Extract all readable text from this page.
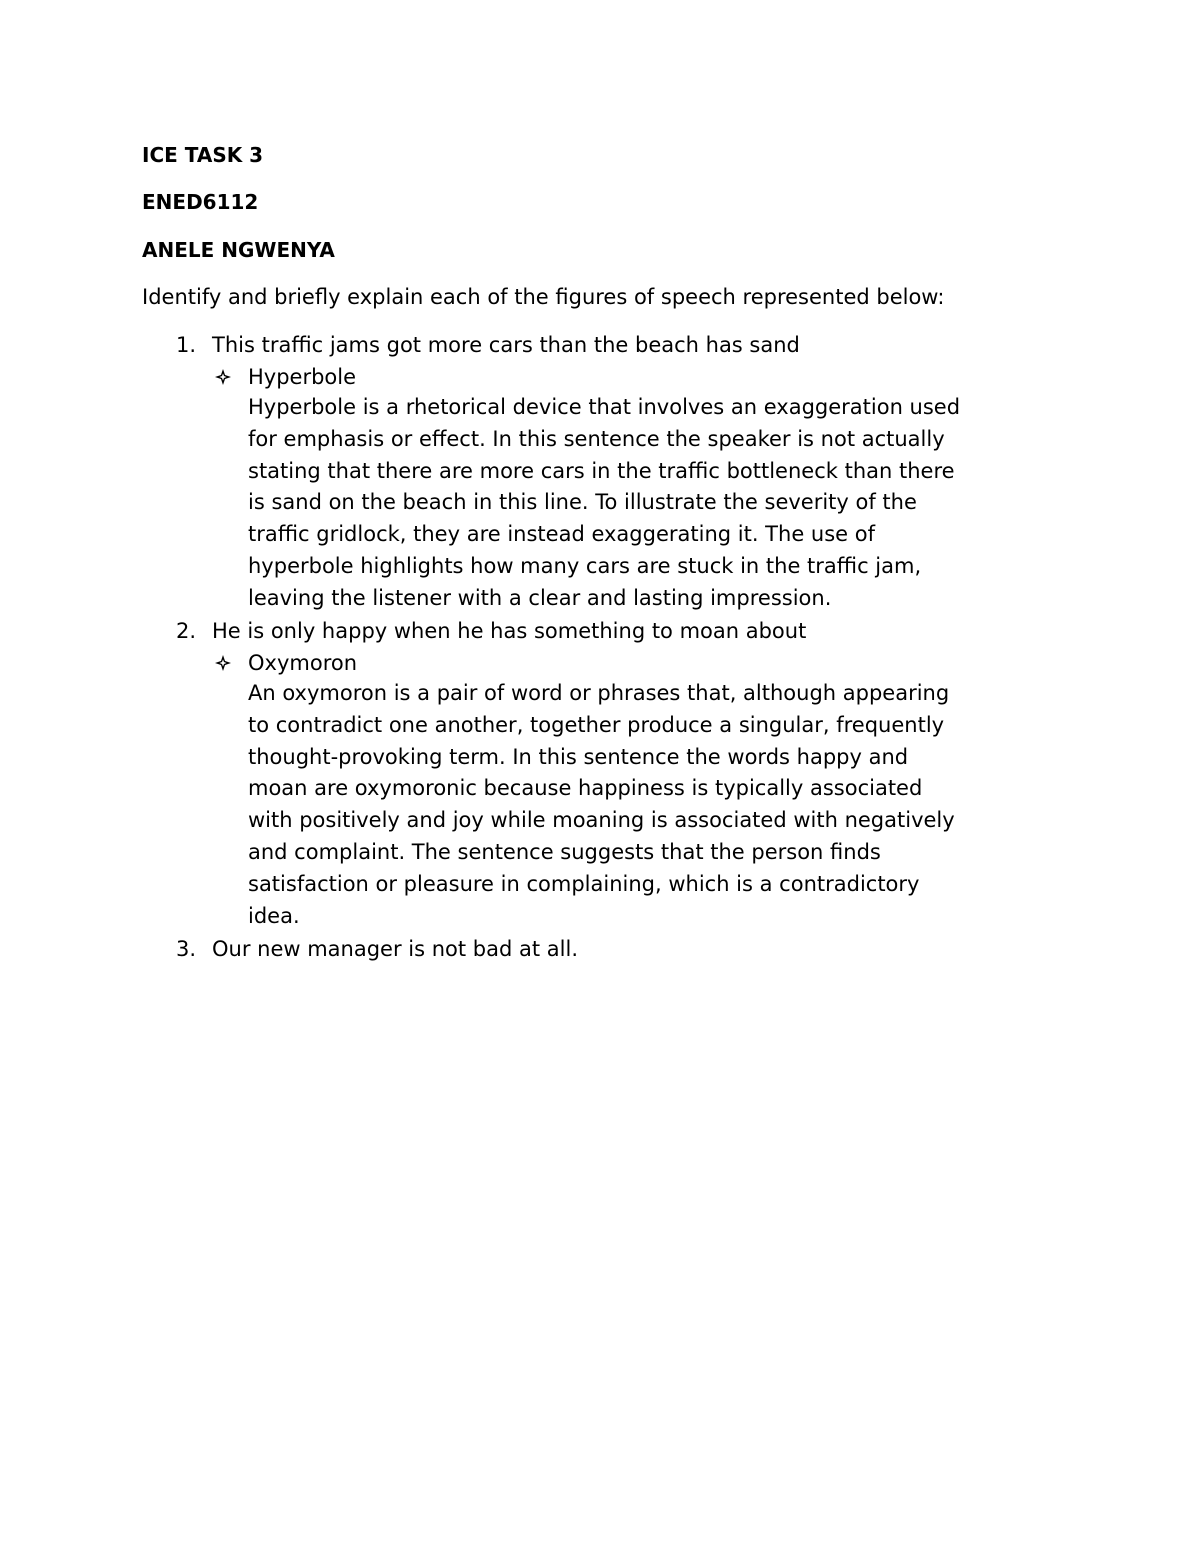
ICE TASK 3
ENED6112
ANELE NGWENYA
Identify and briefly explain each of the figures of speech represented below:
1. This traffic jams got more cars than the beach has sand
Hyperbole
Hyperbole is a rhetorical device that involves an exaggeration used
for emphasis or effect. In this sentence the speaker is not actually
stating that there are more cars in the traffic bottleneck than there
is sand on the beach in this line. To illustrate the severity of the
traffic gridlock, they are instead exaggerating it. The use of
hyperbole highlights how many cars are stuck in the traffic jam,
leaving the listener with a clear and lasting impression.
2. He is only happy when he has something to moan about
Oxymoron
An oxymoron is a pair of word or phrases that, although appearing
to contradict one another, together produce a singular, frequently
thought-provoking term. In this sentence the words happy and
moan are oxymoronic because happiness is typically associated
with positively and joy while moaning is associated with negatively
and complaint. The sentence suggests that the person finds
satisfaction or pleasure in complaining, which is a contradictory
idea.
3. Our new manager is not bad at all.
